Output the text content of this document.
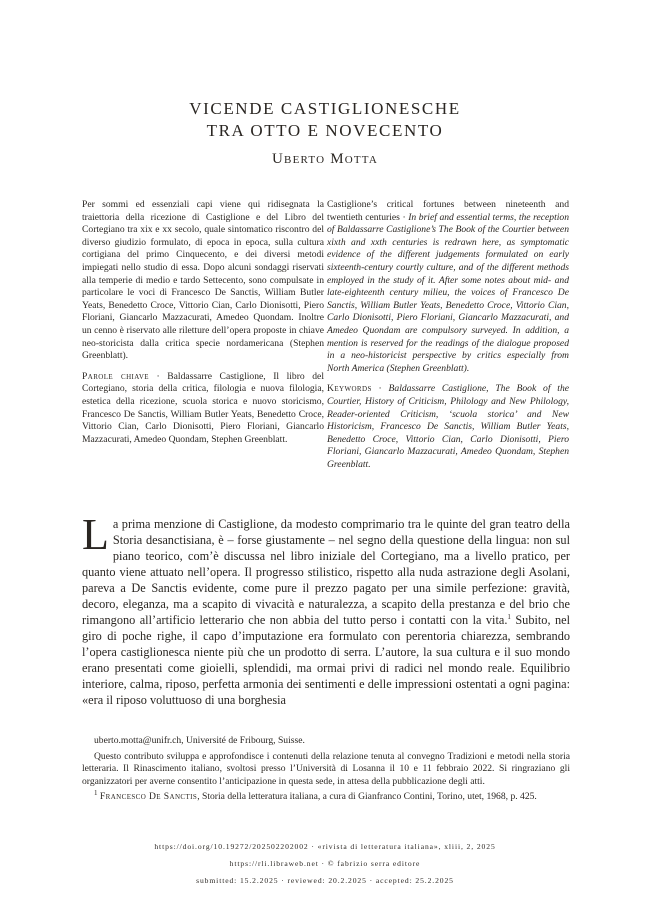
VICENDE CASTIGLIONESCHE
TRA OTTO E NOVECENTO
Uberto Motta

Per sommi ed essenziali capi viene qui ridisegnata la traiettoria della ricezione di Castiglione e del Libro del Cortegiano tra xix e xx secolo, quale sintomatico riscontro del diverso giudizio formulato, di epoca in epoca, sulla cultura cortigiana del primo Cinquecento, e dei diversi metodi impiegati nello studio di essa. Dopo alcuni sondaggi riservati alla temperie di medio e tardo Settecento, sono compulsate in particolare le voci di Francesco De Sanctis, William Butler Yeats, Benedetto Croce, Vittorio Cian, Carlo Dionisotti, Piero Floriani, Giancarlo Mazzacurati, Amedeo Quondam. Inoltre un cenno è riservato alle riletture dell’opera proposte in chiave neo-storicista dalla critica specie nordamericana (Stephen Greenblatt).

Parole chiave · Baldassarre Castiglione, Il libro del Cortegiano, storia della critica, filologia e nuova filologia, estetica della ricezione, scuola storica e nuovo storicismo, Francesco De Sanctis, William Butler Yeats, Benedetto Croce, Vittorio Cian, Carlo Dionisotti, Piero Floriani, Giancarlo Mazzacurati, Amedeo Quondam, Stephen Greenblatt.

Castiglione’s critical fortunes between nineteenth and twentieth centuries · In brief and essential terms, the reception of Baldassarre Castiglione’s The Book of the Courtier between xixth and xxth centuries is redrawn here, as symptomatic evidence of the different judgements formulated on early sixteenth-century courtly culture, and of the different methods employed in the study of it. After some notes about mid- and late-eighteenth century milieu, the voices of Francesco De Sanctis, William Butler Yeats, Benedetto Croce, Vittorio Cian, Carlo Dionisotti, Piero Floriani, Giancarlo Mazzacurati, and Amedeo Quondam are compulsory surveyed. In addition, a mention is reserved for the readings of the dialogue proposed in a neo-historicist perspective by critics especially from North America (Stephen Greenblatt).

Keywords · Baldassarre Castiglione, The Book of the Courtier, History of Criticism, Philology and New Philology, Reader-oriented Criticism, ‘scuola storica’ and New Historicism, Francesco De Sanctis, William Butler Yeats, Benedetto Croce, Vittorio Cian, Carlo Dionisotti, Piero Floriani, Giancarlo Mazzacurati, Amedeo Quondam, Stephen Greenblatt.

La prima menzione di Castiglione, da modesto comprimario tra le quinte del gran teatro della Storia desanctisiana, è – forse giustamente – nel segno della questione della lingua: non sul piano teorico, com’è discussa nel libro iniziale del Cortegiano, ma a livello pratico, per quanto viene attuato nell’opera. Il progresso stilistico, rispetto alla nuda astrazione degli Asolani, pareva a De Sanctis evidente, come pure il prezzo pagato per una simile perfezione: gravità, decoro, eleganza, ma a scapito di vivacità e naturalezza, a scapito della prestanza e del brio che rimangono all’artificio letterario che non abbia del tutto perso i contatti con la vita.$^1$ Subito, nel giro di poche righe, il capo d’imputazione era formulato con perentoria chiarezza, sembrando l’opera castiglionesca niente più che un prodotto di serra. L’autore, la sua cultura e il suo mondo erano presentati come gioielli, splendidi, ma ormai privi di radici nel mondo reale. Equilibrio interiore, calma, riposo, perfetta armonia dei sentimenti e delle impressioni ostentati a ogni pagina: «era il riposo voluttuoso di una borghesia

uberto.motta@unifr.ch, Université de Fribourg, Suisse.

Questo contributo sviluppa e approfondisce i contenuti della relazione tenuta al convegno Tradizioni e metodi nella storia letteraria. Il Rinascimento italiano, svoltosi presso l’Università di Losanna il 10 e 11 febbraio 2022. Si ringraziano gli organizzatori per averne consentito l’anticipazione in questa sede, in attesa della pubblicazione degli atti.

$^1$ Francesco De Sanctis, Storia della letteratura italiana, a cura di Gianfranco Contini, Torino, utet, 1968, p. 425.

https://doi.org/10.19272/202502202002 · «rivista di letteratura italiana», xliii, 2, 2025
https://rli.libraweb.net · © fabrizio serra editore
submitted: 15.2.2025 · reviewed: 20.2.2025 · accepted: 25.2.2025
